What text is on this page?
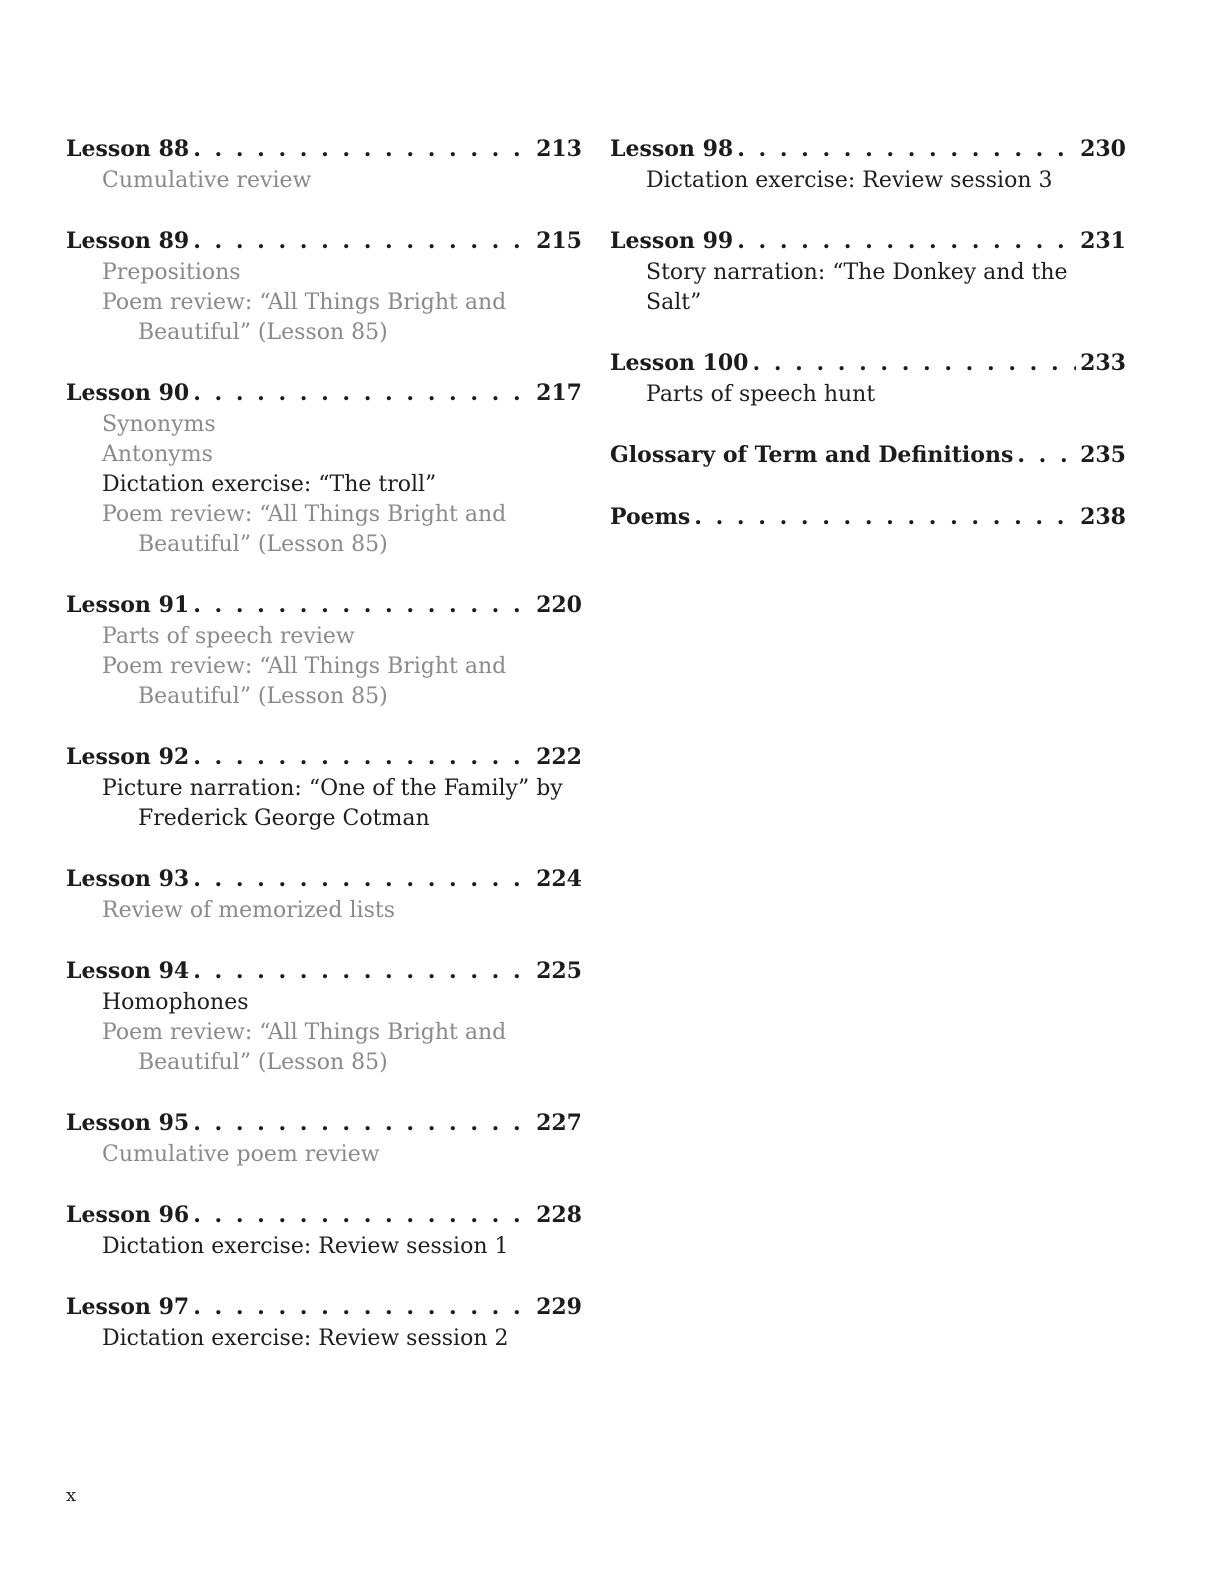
Lesson 88 . . .	213
Cumulative review
Lesson 89 . . .	215
Prepositions
Poem review: “All Things Bright and
Beautiful” (Lesson 85)
Lesson 90 . . .	217
Synonyms
Antonyms
Dictation exercise: “The troll”
Poem review: “All Things Bright and
Beautiful” (Lesson 85)
Lesson 91 . . .	220
Parts of speech review
Poem review: “All Things Bright and
Beautiful” (Lesson 85)
Lesson 92 . . .	222
Picture narration: “One of the Family” by
Frederick George Cotman
Lesson 93 . . .	224
Review of memorized lists
Lesson 94 . . .	225
Homophones
Poem review: “All Things Bright and
Beautiful” (Lesson 85)
Lesson 95 . . .	227
Cumulative poem review
Lesson 96 . . .	228
Dictation exercise: Review session 1
Lesson 97 . . .	229
Dictation exercise: Review session 2
Lesson 98 . . .	230
Dictation exercise: Review session 3
Lesson 99 . . .	231
Story narration: “The Donkey and the Salt”
Lesson 100 . . .	233
Parts of speech hunt
Glossary of Term and Definitions . . .	235
Poems . . .	238
x
